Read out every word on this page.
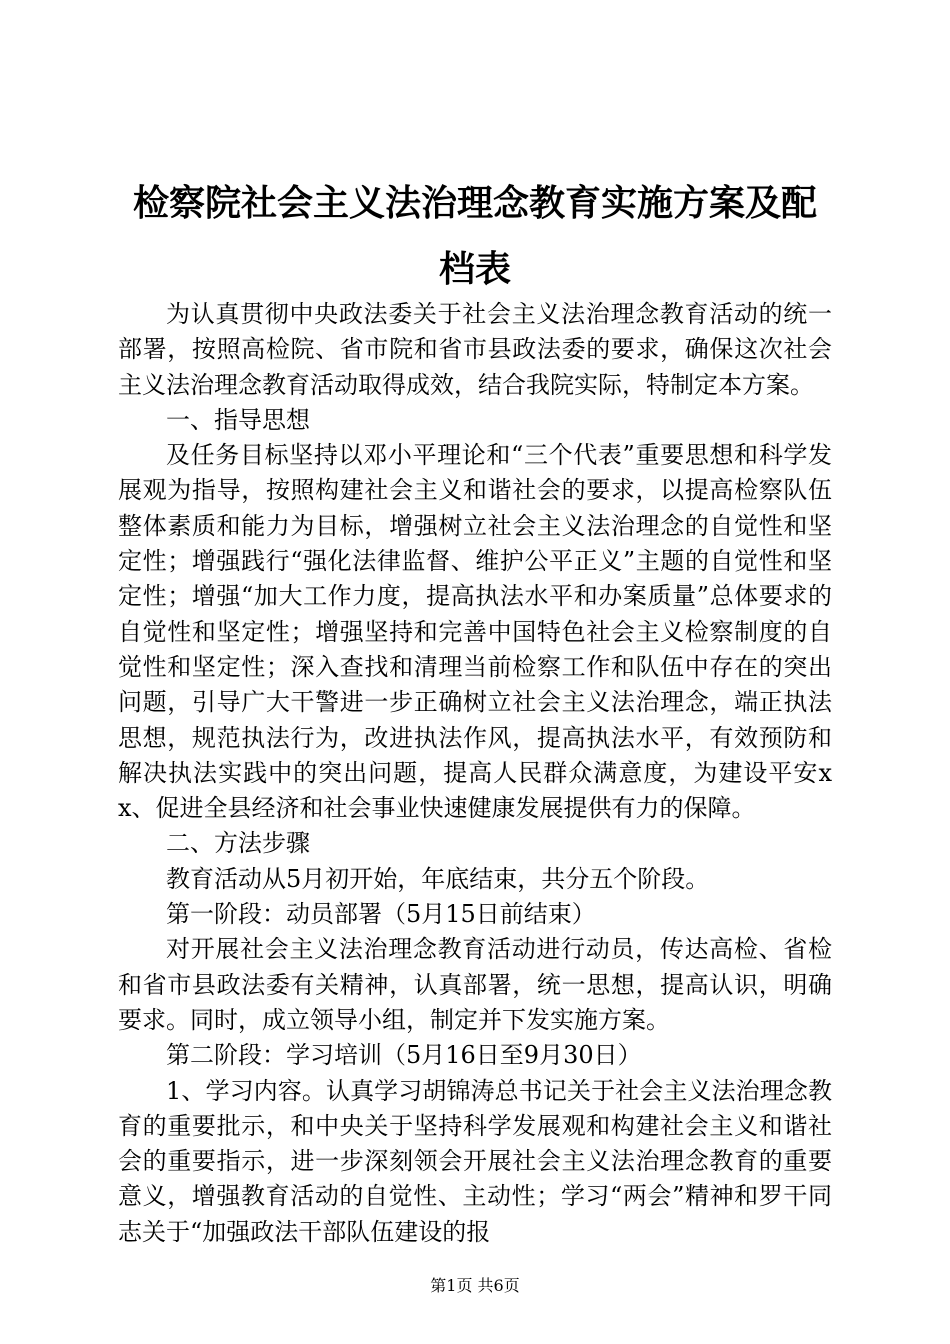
检察院社会主义法治理念教育实施方案及配档表

为认真贯彻中央政法委关于社会主义法治理念教育活动的统一部署，按照高检院、省市院和省市县政法委的要求，确保这次社会主义法治理念教育活动取得成效，结合我院实际，特制定本方案。

一、指导思想

及任务目标坚持以邓小平理论和“三个代表”重要思想和科学发展观为指导，按照构建社会主义和谐社会的要求，以提高检察队伍整体素质和能力为目标，增强树立社会主义法治理念的自觉性和坚定性；增强践行“强化法律监督、维护公平正义”主题的自觉性和坚定性；增强“加大工作力度，提高执法水平和办案质量”总体要求的自觉性和坚定性；增强坚持和完善中国特色社会主义检察制度的自觉性和坚定性；深入查找和清理当前检察工作和队伍中存在的突出问题，引导广大干警进一步正确树立社会主义法治理念，端正执法思想，规范执法行为，改进执法作风，提高执法水平，有效预防和解决执法实践中的突出问题，提高人民群众满意度，为建设平安xx、促进全县经济和社会事业快速健康发展提供有力的保障。

二、方法步骤

教育活动从5月初开始，年底结束，共分五个阶段。

第一阶段：动员部署（5月15日前结束）

对开展社会主义法治理念教育活动进行动员，传达高检、省检和省市县政法委有关精神，认真部署，统一思想，提高认识，明确要求。同时，成立领导小组，制定并下发实施方案。

第二阶段：学习培训（5月16日至9月30日）

1、学习内容。认真学习胡锦涛总书记关于社会主义法治理念教育的重要批示，和中央关于坚持科学发展观和构建社会主义和谐社会的重要指示，进一步深刻领会开展社会主义法治理念教育的重要意义，增强教育活动的自觉性、主动性；学习“两会”精神和罗干同志关于“加强政法干部队伍建设的报

第1页 共6页
